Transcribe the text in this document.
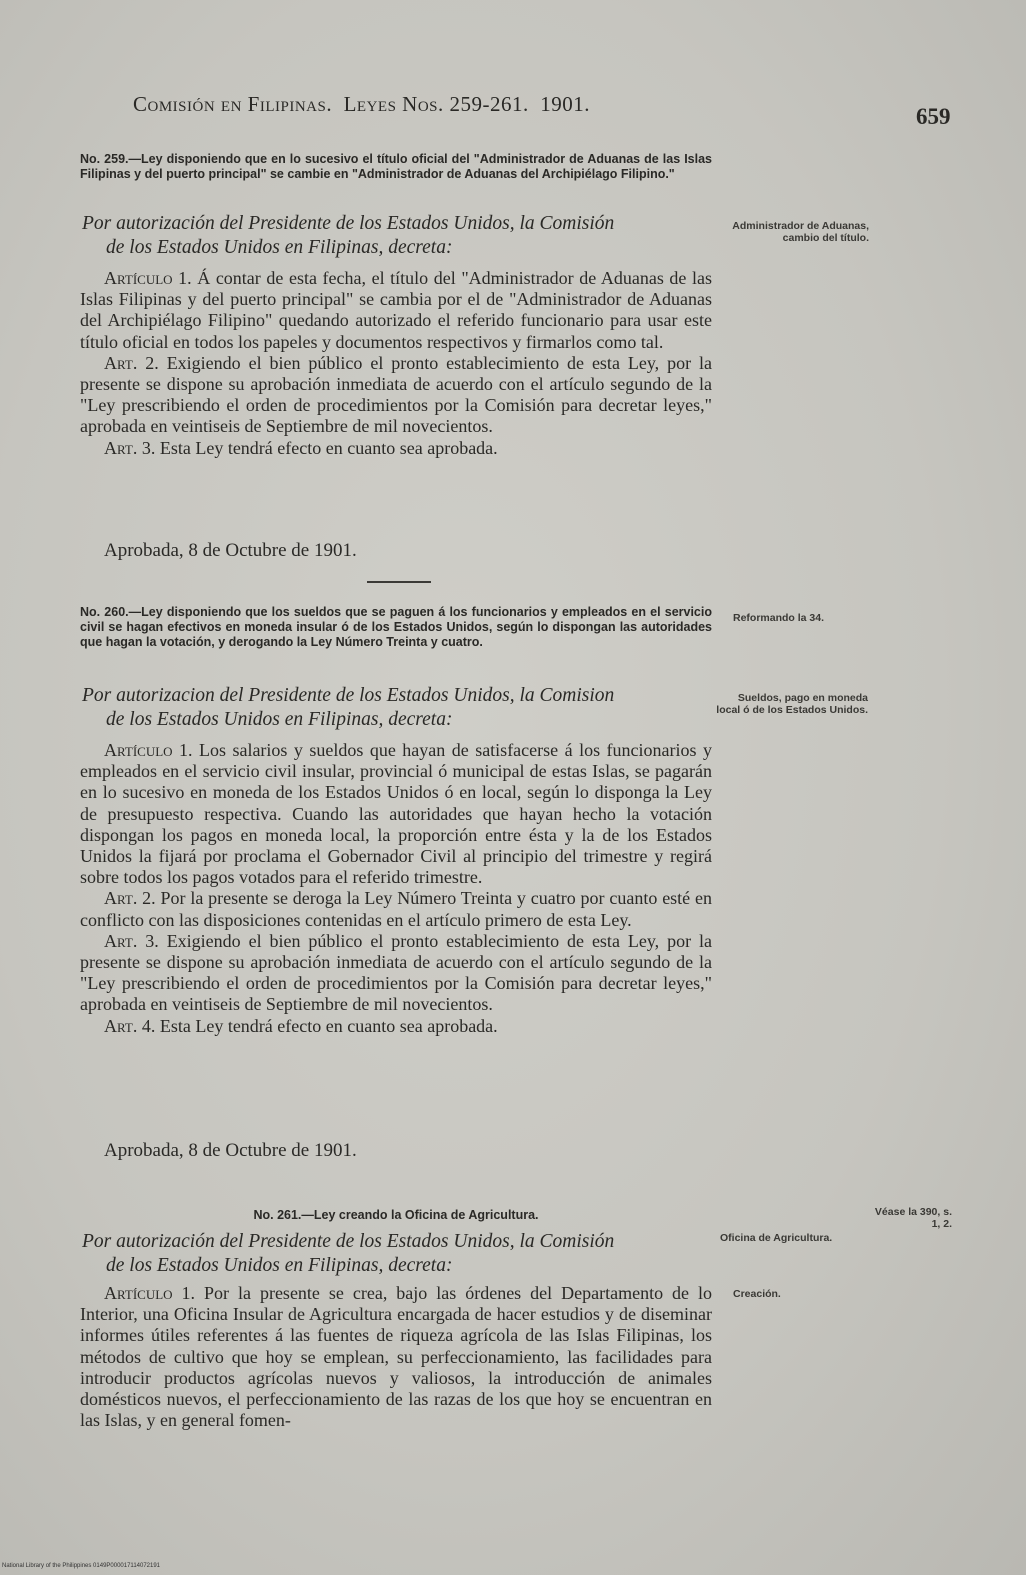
Comisión en Filipinas. Leyes Nos. 259-261. 1901.	659
No. 259.—Ley disponiendo que en lo sucesivo el título oficial del "Administrador de Aduanas de las Islas Filipinas y del puerto principal" se cambie en "Administrador de Aduanas del Archipiélago Filipino."
Por autorización del Presidente de los Estados Unidos, la Comisión
de los Estados Unidos en Filipinas, decreta:
Administrador de Aduanas, cambio del título.

Artículo 1. Á contar de esta fecha, el título del "Administrador de Aduanas de las Islas Filipinas y del puerto principal" se cambia por el de "Administrador de Aduanas del Archipiélago Filipino" quedando autorizado el referido funcionario para usar este título oficial en todos los papeles y documentos respectivos y firmarlos como tal.

Art. 2. Exigiendo el bien público el pronto establecimiento de esta Ley, por la presente se dispone su aprobación inmediata de acuerdo con el artículo segundo de la "Ley prescribiendo el orden de procedimientos por la Comisión para decretar leyes," aprobada en veintiseis de Septiembre de mil novecientos.

Art. 3. Esta Ley tendrá efecto en cuanto sea aprobada.

Aprobada, 8 de Octubre de 1901.
No. 260.—Ley disponiendo que los sueldos que se paguen á los funcionarios y empleados en el servicio civil se hagan efectivos en moneda insular ó de los Estados Unidos, según lo dispongan las autoridades que hagan la votación, y derogando la Ley Número Treinta y cuatro.
Reformando la 34.
Por autorizacion del Presidente de los Estados Unidos, la Comision
de los Estados Unidos en Filipinas, decreta:
Sueldos, pago en moneda local ó de los Estados Unidos.

Artículo 1. Los salarios y sueldos que hayan de satisfacerse á los funcionarios y empleados en el servicio civil insular, provincial ó municipal de estas Islas, se pagarán en lo sucesivo en moneda de los Estados Unidos ó en local, según lo disponga la Ley de presupuesto respectiva. Cuando las autoridades que hayan hecho la votación dispongan los pagos en moneda local, la proporción entre ésta y la de los Estados Unidos la fijará por proclama el Gobernador Civil al principio del trimestre y regirá sobre todos los pagos votados para el referido trimestre.

Art. 2. Por la presente se deroga la Ley Número Treinta y cuatro por cuanto esté en conflicto con las disposiciones contenidas en el artículo primero de esta Ley.

Art. 3. Exigiendo el bien público el pronto establecimiento de esta Ley, por la presente se dispone su aprobación inmediata de acuerdo con el artículo segundo de la "Ley prescribiendo el orden de procedimientos por la Comisión para decretar leyes," aprobada en veintiseis de Septiembre de mil novecientos.

Art. 4. Esta Ley tendrá efecto en cuanto sea aprobada.

Aprobada, 8 de Octubre de 1901.
No. 261.—Ley creando la Oficina de Agricultura.	Véase la 390, s. 1, 2.
Por autorización del Presidente de los Estados Unidos, la Comisión
de los Estados Unidos en Filipinas, decreta:
Oficina de Agricultura.
Creación.

Artículo 1. Por la presente se crea, bajo las órdenes del Departamento de lo Interior, una Oficina Insular de Agricultura encargada de hacer estudios y de diseminar informes útiles referentes á las fuentes de riqueza agrícola de las Islas Filipinas, los métodos de cultivo que hoy se emplean, su perfeccionamiento, las facilidades para introducir productos agrícolas nuevos y valiosos, la introducción de animales domésticos nuevos, el perfeccionamiento de las razas de los que hoy se encuentran en las Islas, y en general fomen-

National Library of the Philippines 0149P000017114072191
